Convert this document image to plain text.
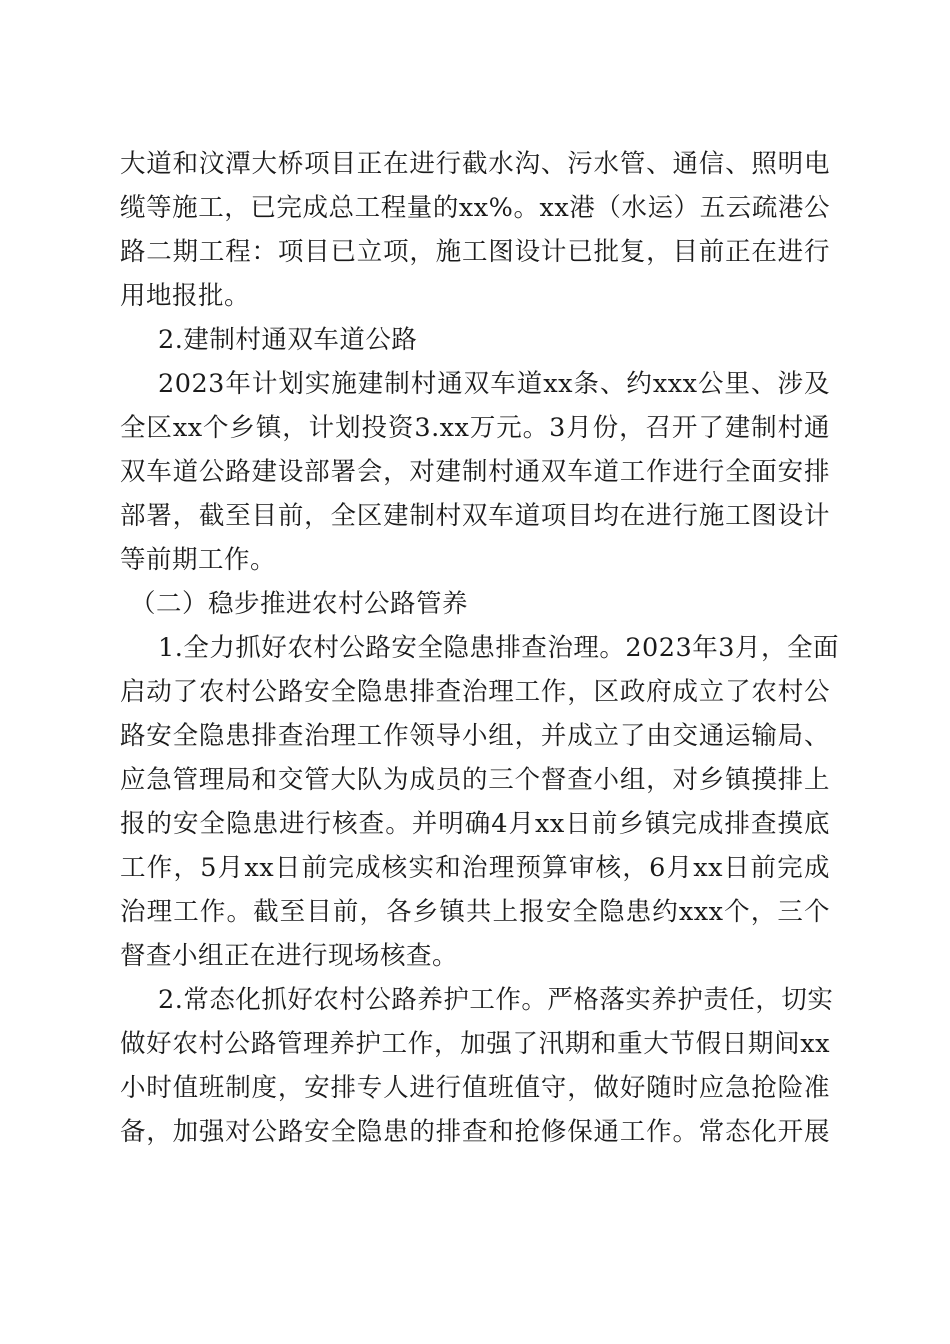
大道和汶潭大桥项目正在进行截水沟、污水管、通信、照明电
缆等施工，已完成总工程量的xx%。xx港（水运）五云疏港公
路二期工程：项目已立项，施工图设计已批复，目前正在进行
用地报批。
2.建制村通双车道公路
2023年计划实施建制村通双车道xx条、约xxx公里、涉及
全区xx个乡镇，计划投资3.xx万元。3月份，召开了建制村通
双车道公路建设部署会，对建制村通双车道工作进行全面安排
部署，截至目前，全区建制村双车道项目均在进行施工图设计
等前期工作。
（二）稳步推进农村公路管养
1.全力抓好农村公路安全隐患排查治理。2023年3月，全面
启动了农村公路安全隐患排查治理工作，区政府成立了农村公
路安全隐患排查治理工作领导小组，并成立了由交通运输局、
应急管理局和交管大队为成员的三个督查小组，对乡镇摸排上
报的安全隐患进行核查。并明确4月xx日前乡镇完成排查摸底
工作，5月xx日前完成核实和治理预算审核，6月xx日前完成
治理工作。截至目前，各乡镇共上报安全隐患约xxx个，三个
督查小组正在进行现场核查。
2.常态化抓好农村公路养护工作。严格落实养护责任，切实
做好农村公路管理养护工作，加强了汛期和重大节假日期间xx
小时值班制度，安排专人进行值班值守，做好随时应急抢险准
备，加强对公路安全隐患的排查和抢修保通工作。常态化开展
